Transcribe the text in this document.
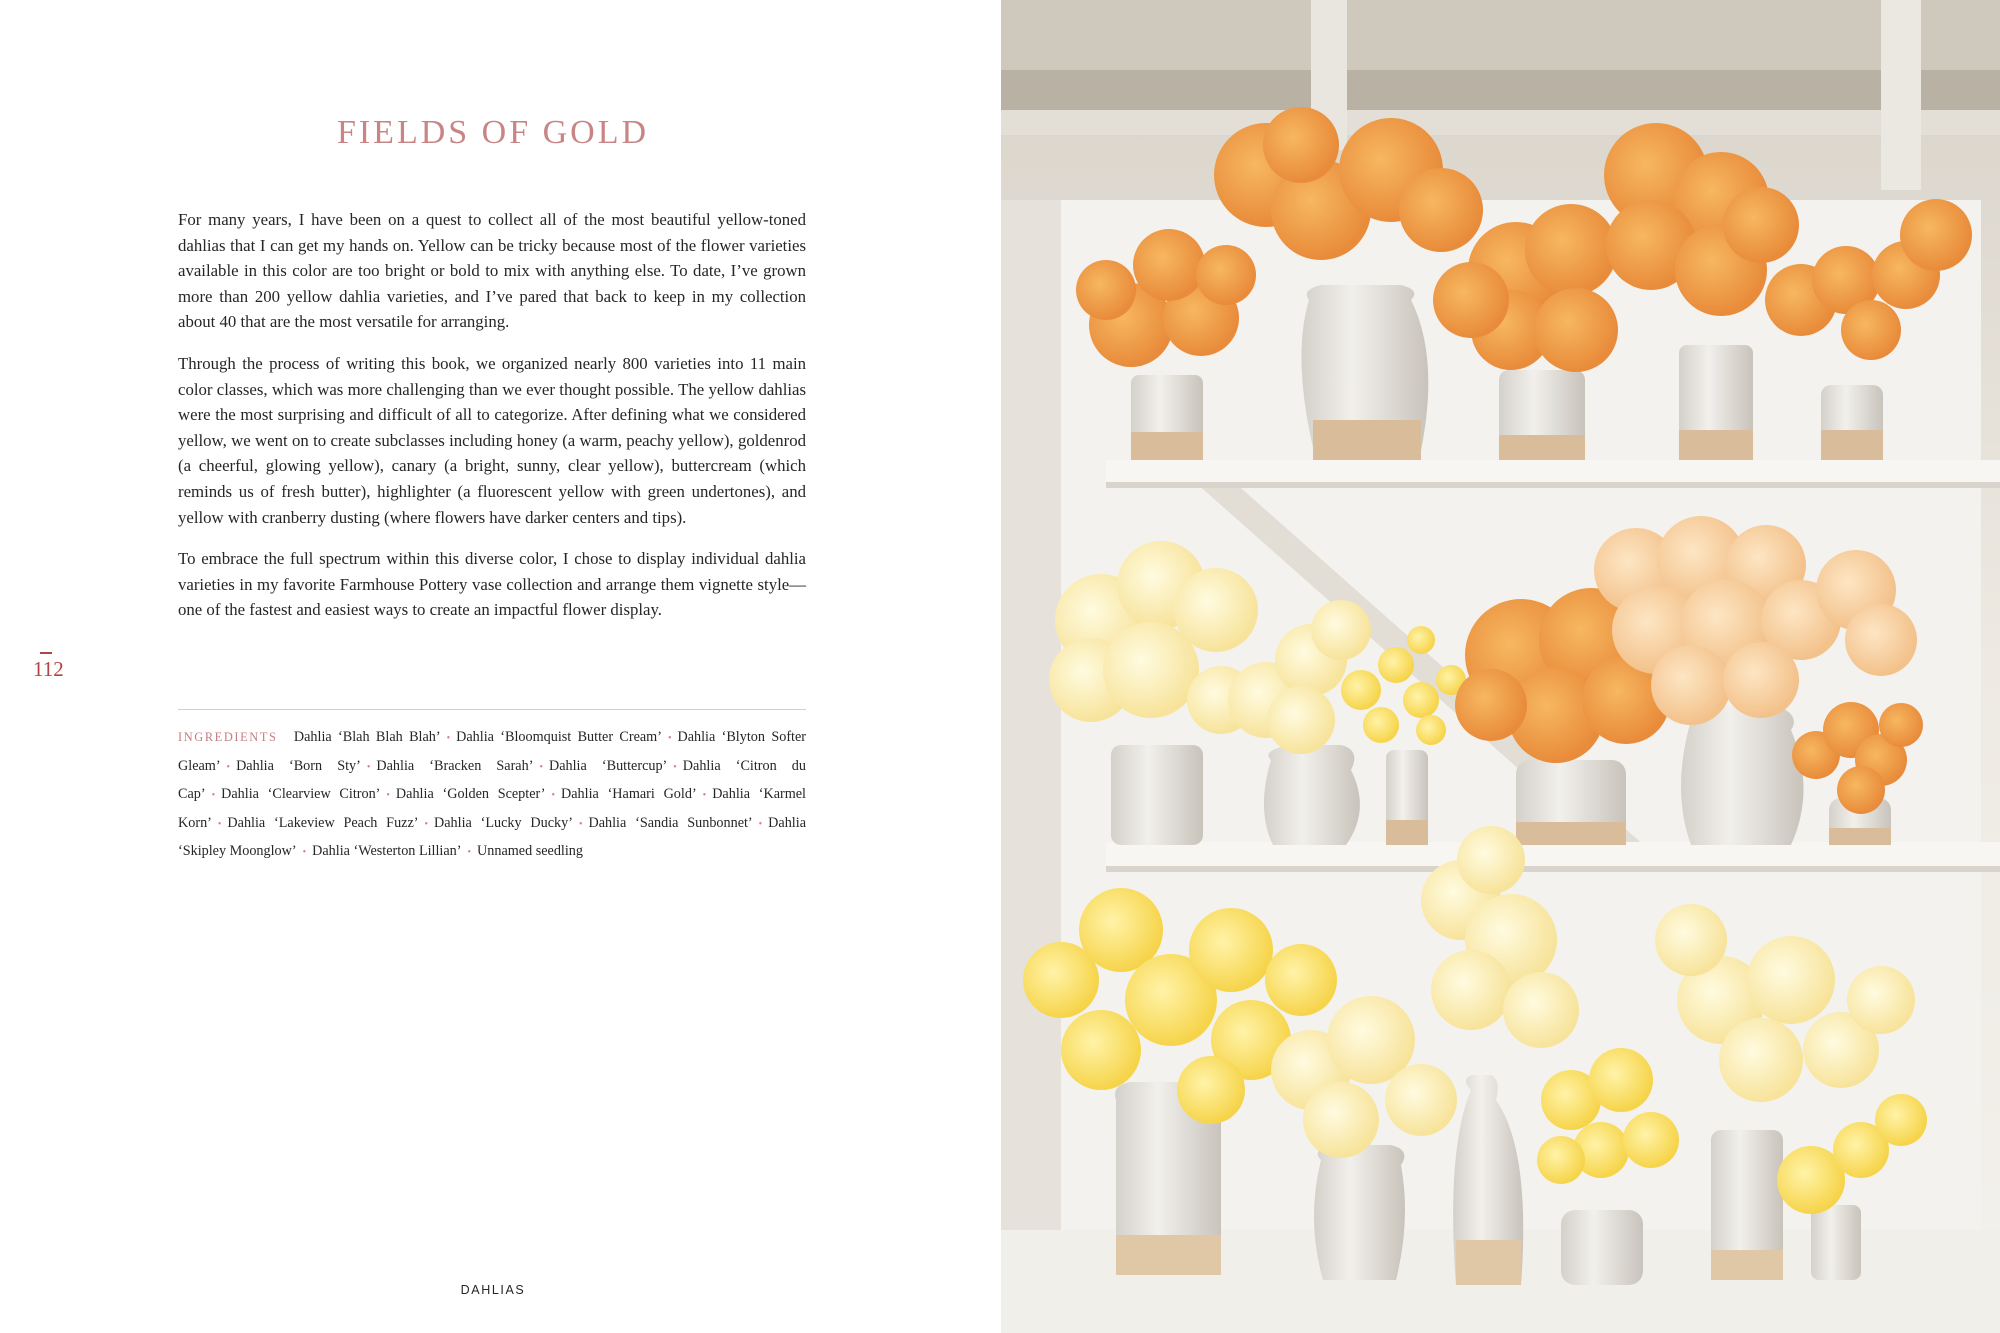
FIELDS OF GOLD

For many years, I have been on a quest to collect all of the most beautiful yellow-toned dahlias that I can get my hands on. Yellow can be tricky because most of the flower varieties available in this color are too bright or bold to mix with anything else. To date, I’ve grown more than 200 yellow dahlia varieties, and I’ve pared that back to keep in my collection about 40 that are the most versatile for arranging.

Through the process of writing this book, we organized nearly 800 varieties into 11 main color classes, which was more challenging than we ever thought possible. The yellow dahlias were the most surprising and difficult of all to categorize. After defining what we considered yellow, we went on to create subclasses including honey (a warm, peachy yellow), goldenrod (a cheerful, glowing yellow), canary (a bright, sunny, clear yellow), buttercream (which reminds us of fresh butter), highlighter (a fluorescent yellow with green undertones), and yellow with cranberry dusting (where flowers have darker centers and tips).

To embrace the full spectrum within this diverse color, I chose to display individual dahlia varieties in my favorite Farmhouse Pottery vase collection and arrange them vignette style—one of the fastest and easiest ways to create an impactful flower display.

112
INGREDIENTS Dahlia ‘Blah Blah Blah’ • Dahlia ‘Bloomquist Butter Cream’ • Dahlia ‘Blyton Softer Gleam’ • Dahlia ‘Born Sty’ • Dahlia ‘Bracken Sarah’ • Dahlia ‘Buttercup’ • Dahlia ‘Citron du Cap’ • Dahlia ‘Clearview Citron’ • Dahlia ‘Golden Scepter’ • Dahlia ‘Hamari Gold’ • Dahlia ‘Karmel Korn’ • Dahlia ‘Lakeview Peach Fuzz’ • Dahlia ‘Lucky Ducky’ • Dahlia ‘Sandia Sunbonnet’ • Dahlia ‘Skipley Moonglow’ • Dahlia ‘Westerton Lillian’ • Unnamed seedling
DAHLIAS
